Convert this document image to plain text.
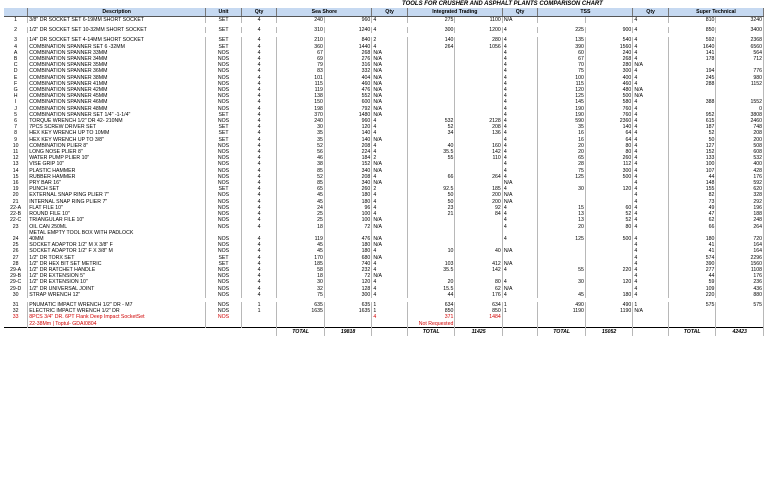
			TOOLS FOR CRUSHER AND ASPHALT PLANTS COMPARISON CHART											
	Description	Unit	Qty	Sea Shore		Qty	Integrated Trading		Qty	TSS		Qty	Super Technical	
1	3/8" DR SOCKET SET 6-19MM SHORT SOCKET	SET	4	240	960	4	275	1100	N/A			4	810	3240

2	1/2" DR SOCKET SET 10-32MM SHORT SOCKET	SET	4	310	1240	4	300	1200	4	225	900	4	850	3400

3	1/4" DR SOCKET SET 4-14MM SHORT SOCKET	SET	4	210	840	2	140	280	4	135	540	4	592	2368
4	COMBINATION SPANNER SET 6 -32MM	SET	4	360	1440	4	264	1056	4	390	1560	4	1640	6560
A	COMBINATION SPANNER 33MM	NOS	4	67	268	N/A			4	60	240	4	141	564
B	COMBINATION SPANNER 34MM	NOS	4	69	276	N/A			4	67	268	4	178	712
C	COMBINATION SPANNER 35MM	NOS	4	79	316	N/A			4	70	280	N/A		
D	COMBINATION SPANNER 36MM	NOS	4	83	332	N/A			4	75	300	4	194	776
E	COMBINATION SPANNER 38MM	NOS	4	101	404	N/A			4	100	400	4	245	980
F	COMBINATION SPANNER 41MM	NOS	4	115	460	N/A			4	115	460	4	288	1152
G	COMBINATION SPANNER 42MM	NOS	4	119	476	N/A			4	120	480	N/A		
H	COMBINATION SPANNER 45MM	NOS	4	138	552	N/A			4	125	500	N/A		
I	COMBINATION SPANNER 46MM	NOS	4	150	600	N/A			4	145	580	4	388	1552
J	COMBINATION SPANNER 48MM	NOS	4	198	792	N/A			4	190	760	4		0
5	COMBINATION SPANNER SET 1/4" -1-1/4"	SET	4	370	1480	N/A			4	190	760	4	952	3808
6	TORQUE WRENCH 1/2" DR 42- 210NM	NOS	4	240	960	4	532	2128	4	590	2360	4	615	2460
7	7PCS SCREW DRIVER SET	SET	4	30	120	4	52	208	4	35	140	4	187	748
8	HEX KEY WRENCH UP TO 10MM	SET	4	35	140	4	34	136	4	16	64	4	52	208
9	HEX KEY WRENCH UP TO 3/8"	SET	4	35	140	N/A			4	16	64	4	50	200
10	COMBINATION PLIER 8"	NOS	4	52	208	4	40	160	4	20	80	4	127	508
11	LONG NOSE PLIER 8"	NOS	4	56	224	4	35.5	142	4	20	80	4	152	608
12	WATER PUMP PLIER 10"	NOS	4	46	184	2	55	110	4	65	260	4	133	532
13	VISE GRIP 10"	NOS	4	38	152	N/A			4	28	112	4	100	400
14	PLASTIC HAMMER	NOS	4	85	340	N/A			4	75	300	4	107	428
15	RUBBER HAMMER	NOS	4	52	208	4	66	264	4	125	500	4	44	176
16	PRY BAR 16"	NOS	4	85	340	N/A			N/A			4	148	592
19	PUNCH SET	SET	4	65	260	2	92.5	185	4	30	120	4	155	620
20	EXTERNAL SNAP RING PLIER 7"	NOS	4	45	180	4	50	200	N/A			4	82	328
21	INTERNAL SNAP RING PLIER 7"	NOS	4	45	180	4	50	200	N/A			4	73	292
22-A	FLAT FILE 10"	NOS	4	24	96	4	23	92	4	15	60	4	49	196
22-B	ROUND FILE 10"	NOS	4	25	100	4	21	84	4	13	52	4	47	188
22-C	TRIANGULAR FILE 10"	NOS	4	25	100	N/A			4	13	52	4	62	248
23	OIL CAN 250ML	NOS	4	18	72	N/A			4	20	80	4	66	264
	METAL EMPTY TOOL BOX WITH PADLOCK													
24	40MM	NOS	4	119	476	N/A			4	125	500	4	180	720
25	SOCKET ADAPTOR 1/2" M X 3/8" F	NOS	4	45	180	N/A						4	41	164
26	SOCKET ADAPTOR 1/2" F X 3/8" M	NOS	4	45	180	4	10	40	N/A			4	41	164
27	1/2" DR TORX SET	SET	4	170	680	N/A						4	574	2296
28	1/2" DR HEX BIT SET METRIC	SET	4	185	740	4	103	412	N/A			4	390	1560
29-A	1/2" DR RATCHET HANDLE	NOS	4	58	232	4	35.5	142	4	55	220	4	277	1108
29-B	1/2" DR EXTENSION 5"	NOS	4	18	72	N/A						4	44	176
29-C	1/2" DR EXTENSION 10"	NOS	4	30	120	4	20	80	4	30	120	4	59	236
29-D	1/2" DR UNIVERSAL JOINT	NOS	4	32	128	4	15.5	62	N/A			4	109	436
30	STRAP WRENCH 12"	NOS	4	75	300	4	44	176	4	45	180	4	220	880

31	PNUMATIC IMPACT WRENCH 1/2" DR - M7	NOS	1	635	635	1	634	634	1	490	490	1	575	575
32	ELECTRIC IMPACT WRENCH 1/2" DR	NOS	1	1635	1635	1	850	850	1	1190	1190	N/A		
33	8PCS 3/4" DR. 6PT Flank Deep Impact SocketSet	NOS				4	371	1484						
	22-38Mm | Toptul- GDAI0804						Not Requested							
				TOTAL	19818		TOTAL	11425		TOTAL	15052		TOTAL	42423
